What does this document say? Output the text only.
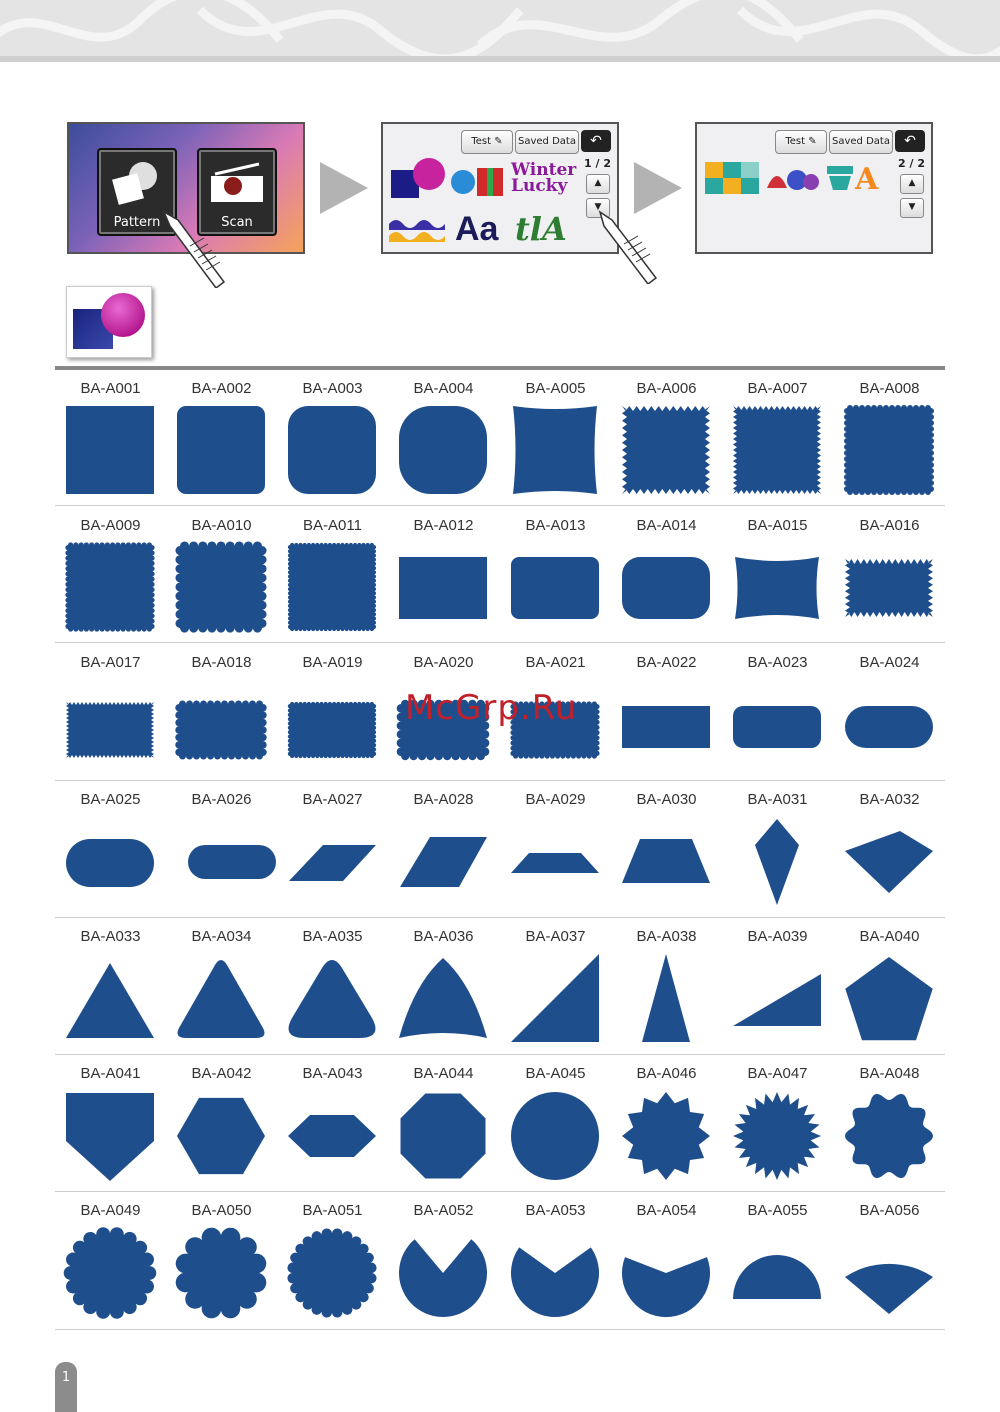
Pattern	Scan
Test ✎	Saved Data	↶
1 / 2
▲
▼
Winter
Lucky
Aa tlA
Test ✎	Saved Data	↶
2 / 2
▲
▼
A
BA-A001	BA-A002	BA-A003	BA-A004	BA-A005	BA-A006	BA-A007	BA-A008
BA-A009	BA-A010	BA-A011	BA-A012	BA-A013	BA-A014	BA-A015	BA-A016
BA-A017	BA-A018	BA-A019	BA-A020	BA-A021	BA-A022	BA-A023	BA-A024
BA-A025	BA-A026	BA-A027	BA-A028	BA-A029	BA-A030	BA-A031	BA-A032
BA-A033	BA-A034	BA-A035	BA-A036	BA-A037	BA-A038	BA-A039	BA-A040
BA-A041	BA-A042	BA-A043	BA-A044	BA-A045	BA-A046	BA-A047	BA-A048
BA-A049	BA-A050	BA-A051	BA-A052	BA-A053	BA-A054	BA-A055	BA-A056
McGrp.Ru
1
